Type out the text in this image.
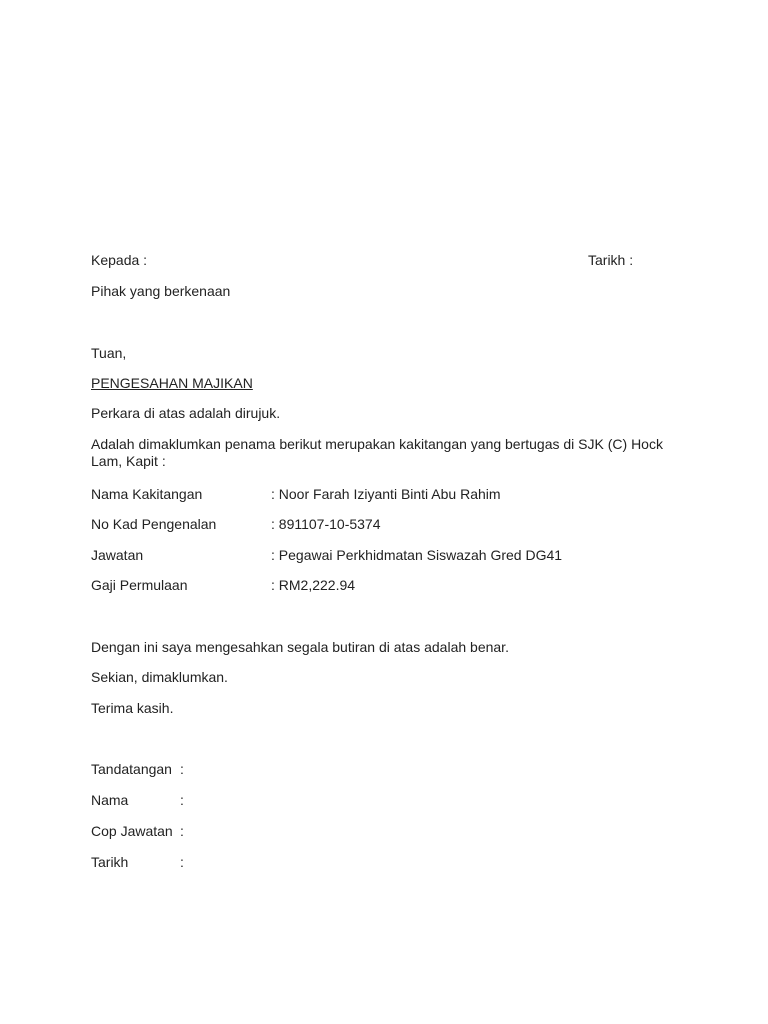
Kepada :	Tarikh :
Pihak yang berkenaan
Tuan,
PENGESAHAN MAJIKAN
Perkara di atas adalah dirujuk.
Adalah dimaklumkan penama berikut merupakan kakitangan yang bertugas di SJK (C) Hock Lam, Kapit :
Nama Kakitangan	: Noor Farah Iziyanti Binti Abu Rahim
No Kad Pengenalan	: 891107-10-5374
Jawatan	: Pegawai Perkhidmatan Siswazah Gred DG41
Gaji Permulaan	: RM2,222.94
Dengan ini saya mengesahkan segala butiran di atas adalah benar.
Sekian, dimaklumkan.
Terima kasih.
Tandatangan :
Nama	:
Cop Jawatan :
Tarikh	:
